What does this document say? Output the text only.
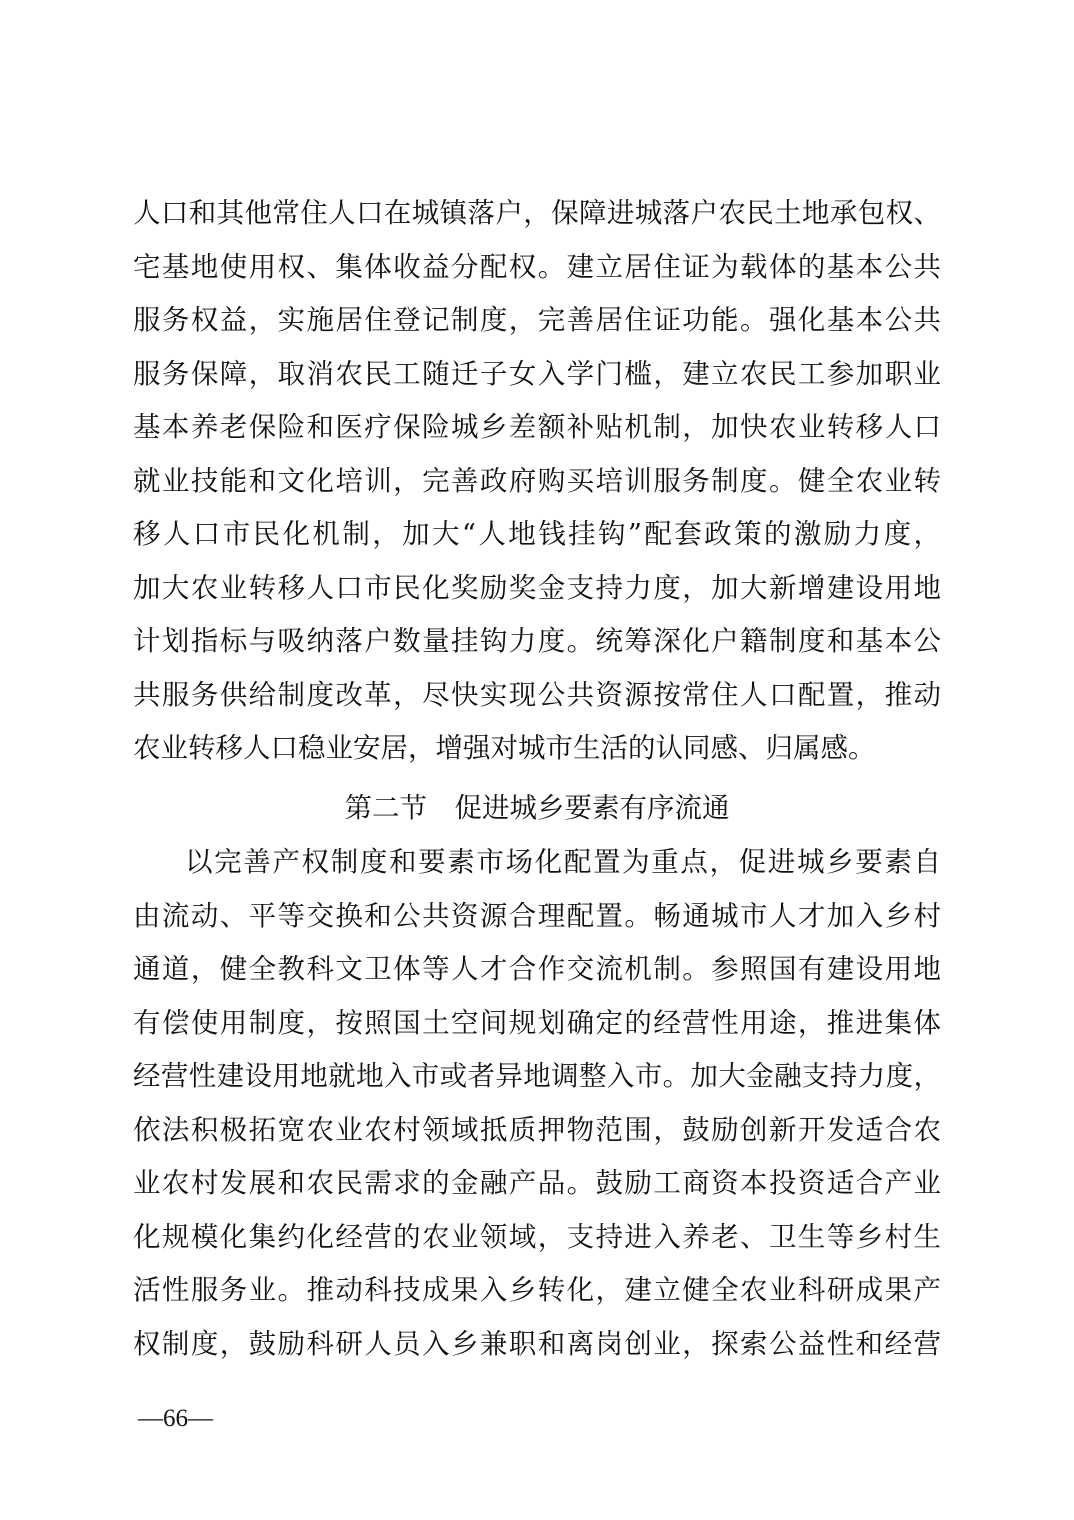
人口和其他常住人口在城镇落户，保障进城落户农民土地承包权、
宅基地使用权、集体收益分配权。建立居住证为载体的基本公共
服务权益，实施居住登记制度，完善居住证功能。强化基本公共
服务保障，取消农民工随迁子女入学门槛，建立农民工参加职业
基本养老保险和医疗保险城乡差额补贴机制，加快农业转移人口
就业技能和文化培训，完善政府购买培训服务制度。健全农业转
移人口市民化机制，加大“人地钱挂钩”配套政策的激励力度，
加大农业转移人口市民化奖励奖金支持力度，加大新增建设用地
计划指标与吸纳落户数量挂钩力度。统筹深化户籍制度和基本公
共服务供给制度改革，尽快实现公共资源按常住人口配置，推动
农业转移人口稳业安居，增强对城市生活的认同感、归属感。
第二节　促进城乡要素有序流通
以完善产权制度和要素市场化配置为重点，促进城乡要素自
由流动、平等交换和公共资源合理配置。畅通城市人才加入乡村
通道，健全教科文卫体等人才合作交流机制。参照国有建设用地
有偿使用制度，按照国土空间规划确定的经营性用途，推进集体
经营性建设用地就地入市或者异地调整入市。加大金融支持力度，
依法积极拓宽农业农村领域抵质押物范围，鼓励创新开发适合农
业农村发展和农民需求的金融产品。鼓励工商资本投资适合产业
化规模化集约化经营的农业领域，支持进入养老、卫生等乡村生
活性服务业。推动科技成果入乡转化，建立健全农业科研成果产
权制度，鼓励科研人员入乡兼职和离岗创业，探索公益性和经营
—66—
